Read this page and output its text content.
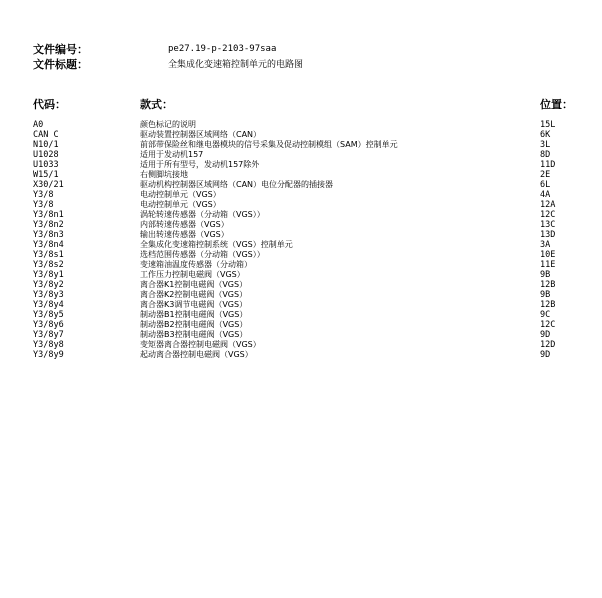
文件编号：	pe27.19-p-2103-97saa
文件标题：	全集成化变速箱控制单元的电路图
代码：	款式：	位置：
A0	颜色标记的说明	15L
CAN C	驱动装置控制器区域网络（CAN）	6K
N10/1	前部带保险丝和继电器模块的信号采集及促动控制模组（SAM）控制单元	3L
U1028	适用于发动机157	8D
U1033	适用于所有型号，发动机157除外	11D
W15/1	右侧脚坑接地	2E
X30/21	驱动机构控制器区域网络（CAN）电位分配器的插接器	6L
Y3/8	电动控制单元（VGS）	4A
Y3/8	电动控制单元（VGS）	12A
Y3/8n1	涡轮转速传感器（分动箱（VGS））	12C
Y3/8n2	内部转速传感器（VGS）	13C
Y3/8n3	输出转速传感器（VGS）	13D
Y3/8n4	全集成化变速箱控制系统（VGS）控制单元	3A
Y3/8s1	选档范围传感器（分动箱（VGS））	10E
Y3/8s2	变速箱油温度传感器（分动箱）	11E
Y3/8y1	工作压力控制电磁阀（VGS）	9B
Y3/8y2	离合器K1控制电磁阀（VGS）	12B
Y3/8y3	离合器K2控制电磁阀（VGS）	9B
Y3/8y4	离合器K3调节电磁阀（VGS）	12B
Y3/8y5	制动器B1控制电磁阀（VGS）	9C
Y3/8y6	制动器B2控制电磁阀（VGS）	12C
Y3/8y7	制动器B3控制电磁阀（VGS）	9D
Y3/8y8	变矩器离合器控制电磁阀（VGS）	12D
Y3/8y9	起动离合器控制电磁阀（VGS）	9D
